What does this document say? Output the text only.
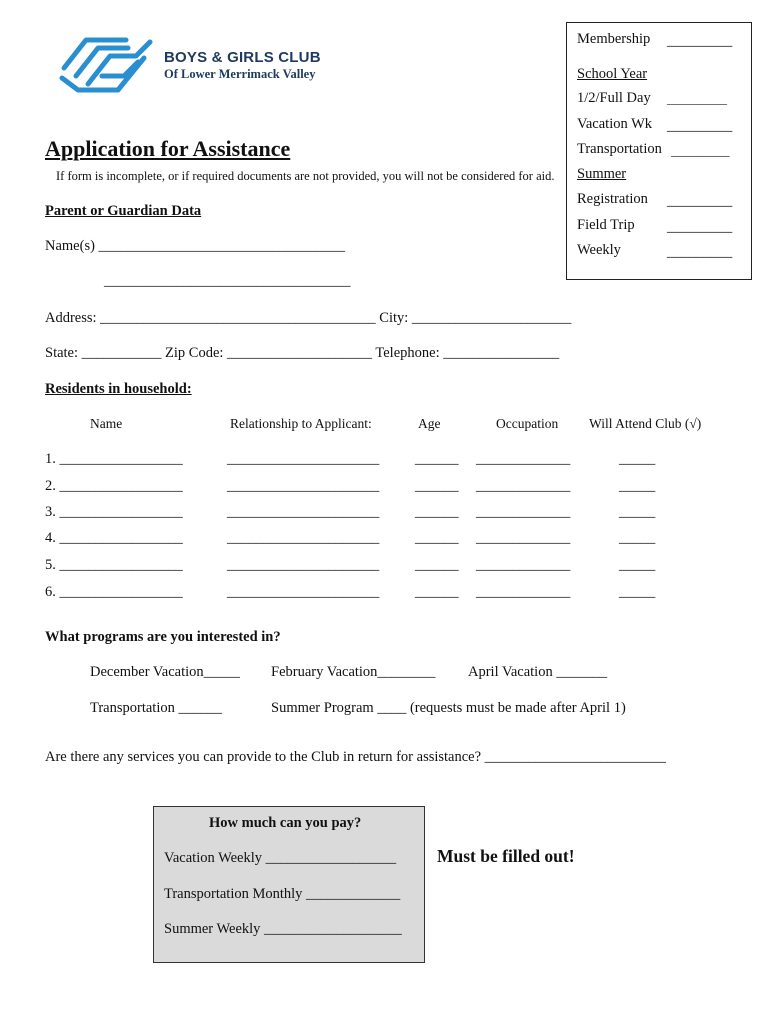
BOYS & GIRLS CLUB
Of Lower Merrimack Valley
Membership _________
School Year
1/2/Full Day __________
Vacation Wk _________
Transportation _________
Summer
Registration _________
Field Trip _________
Weekly	_________
Application for Assistance
If form is incomplete, or if required documents are not provided, you will not be considered for aid.
Parent or Guardian Data
Name(s) __________________________________
__________________________________
Address: ______________________________________ City: ______________________
State: ___________ Zip Code: ____________________ Telephone: ________________
Residents in household:
Name	Relationship to Applicant:	Age	Occupation Will Attend Club (√)
1. _________________	_____________________ ______ _____________	_____
2. _________________	_____________________ ______ _____________	_____
3. _________________	_____________________ ______ _____________	_____
4. _________________	_____________________ ______ _____________	_____
5. _________________	_____________________ ______ _____________	_____
6. _________________	_____________________ ______ _____________	_____
What programs are you interested in?
December Vacation_____ February Vacation________ April Vacation _______
Transportation ______	Summer Program ____ (requests must be made after April 1)
Are there any services you can provide to the Club in return for assistance? _________________________
How much can you pay?
Vacation Weekly __________________
Transportation Monthly _____________
Summer Weekly ___________________
Must be filled out!
